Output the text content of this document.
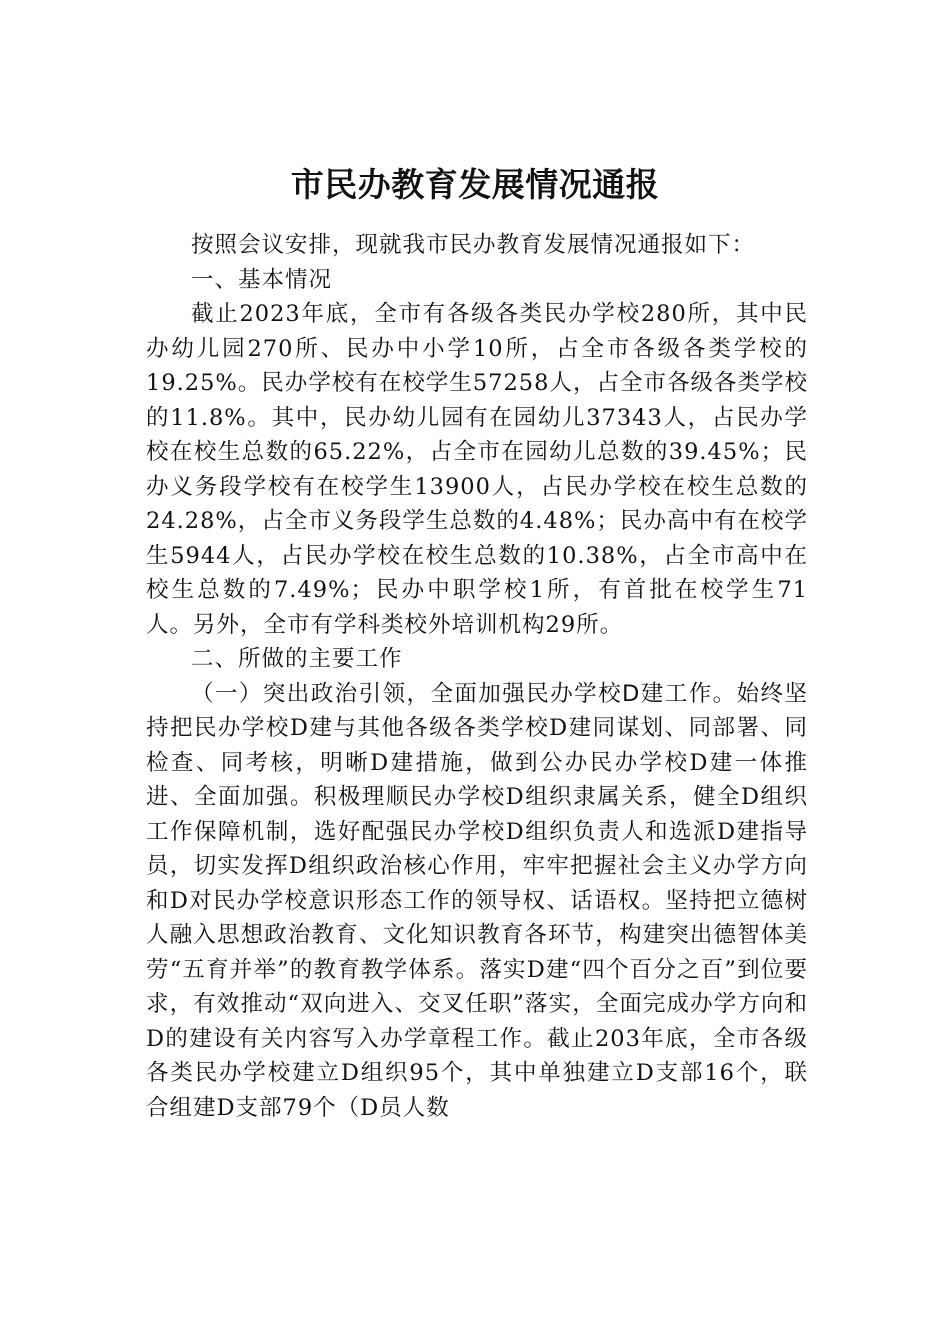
市民办教育发展情况通报

按照会议安排，现就我市民办教育发展情况通报如下：

一、基本情况

截止2023年底，全市有各级各类民办学校280所，其中民办幼儿园270所、民办中小学10所，占全市各级各类学校的19.25%。民办学校有在校学生57258人，占全市各级各类学校的11.8%。其中，民办幼儿园有在园幼儿37343人，占民办学校在校生总数的65.22%，占全市在园幼儿总数的39.45%；民办义务段学校有在校学生13900人，占民办学校在校生总数的24.28%，占全市义务段学生总数的4.48%；民办高中有在校学生5944人，占民办学校在校生总数的10.38%，占全市高中在校生总数的7.49%；民办中职学校1所，有首批在校学生71人。另外，全市有学科类校外培训机构29所。

二、所做的主要工作

（一）突出政治引领，全面加强民办学校D建工作。始终坚持把民办学校D建与其他各级各类学校D建同谋划、同部署、同检查、同考核，明晰D建措施，做到公办民办学校D建一体推进、全面加强。积极理顺民办学校D组织隶属关系，健全D组织工作保障机制，选好配强民办学校D组织负责人和选派D建指导员，切实发挥D组织政治核心作用，牢牢把握社会主义办学方向和D对民办学校意识形态工作的领导权、话语权。坚持把立德树人融入思想政治教育、文化知识教育各环节，构建突出德智体美劳“五育并举”的教育教学体系。落实D建“四个百分之百”到位要求，有效推动“双向进入、交叉任职”落实，全面完成办学方向和D的建设有关内容写入办学章程工作。截止203年底，全市各级各类民办学校建立D组织95个，其中单独建立D支部16个，联合组建D支部79个（D员人数
